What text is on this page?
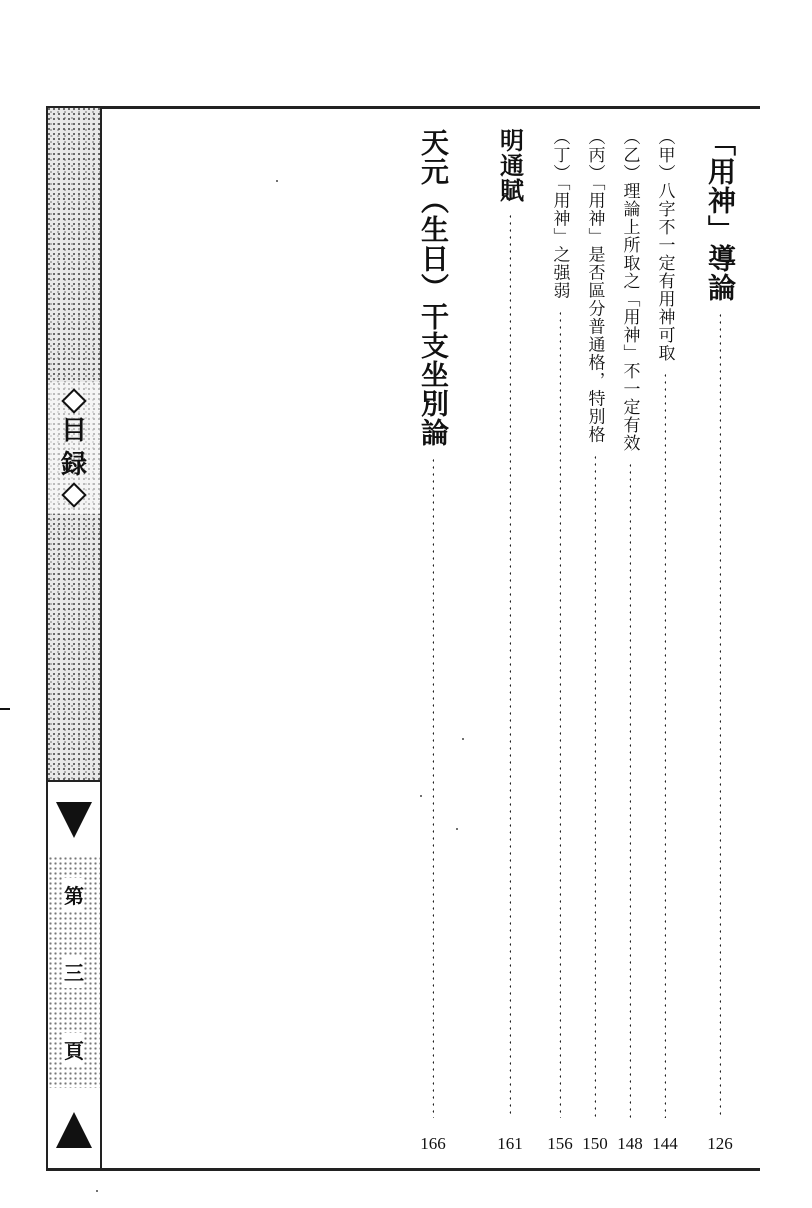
目
録
第
三
頁
「用神」導論
126
（甲）八字不一定有用神可取
144
（乙）理論上所取之「用神」不一定有效
148
（丙）「用神」是否區分普通格，特別格
150
（丁）「用神」之强弱
156
明通賦
161
天元（生日）干支坐別論
166
